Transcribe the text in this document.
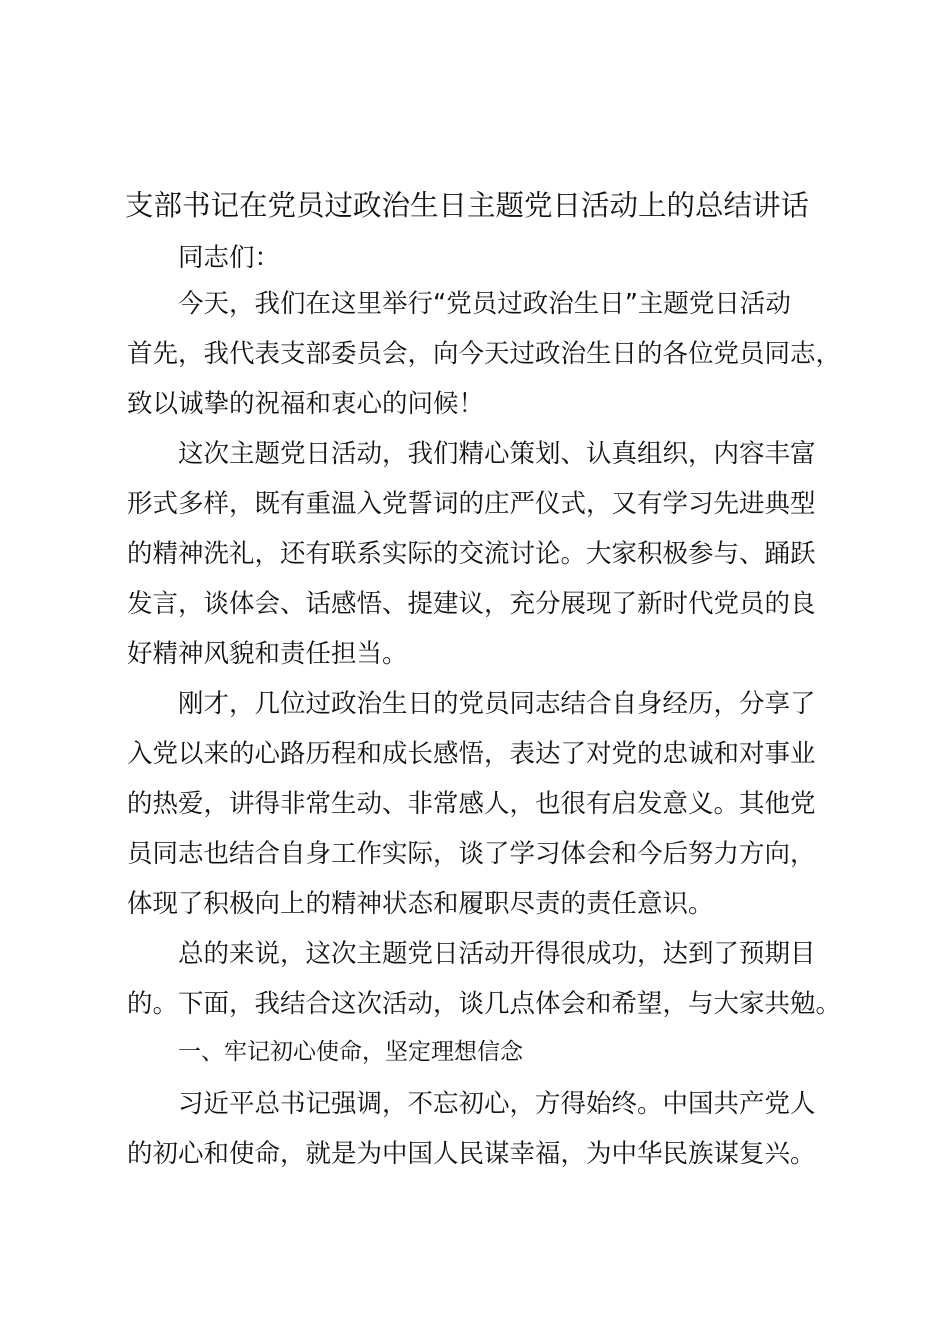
支部书记在党员过政治生日主题党日活动上的总结讲话

同志们：

今天，我们在这里举行“党员过政治生日”主题党日活动
首先，我代表支部委员会，向今天过政治生日的各位党员同志，
致以诚挚的祝福和衷心的问候！

这次主题党日活动，我们精心策划、认真组织，内容丰富
形式多样，既有重温入党誓词的庄严仪式，又有学习先进典型
的精神洗礼，还有联系实际的交流讨论。大家积极参与、踊跃
发言，谈体会、话感悟、提建议，充分展现了新时代党员的良
好精神风貌和责任担当。

刚才，几位过政治生日的党员同志结合自身经历，分享了
入党以来的心路历程和成长感悟，表达了对党的忠诚和对事业
的热爱，讲得非常生动、非常感人，也很有启发意义。其他党
员同志也结合自身工作实际，谈了学习体会和今后努力方向，
体现了积极向上的精神状态和履职尽责的责任意识。

总的来说，这次主题党日活动开得很成功，达到了预期目
的。下面，我结合这次活动，谈几点体会和希望，与大家共勉。

一、牢记初心使命，坚定理想信念

习近平总书记强调，不忘初心，方得始终。中国共产党人
的初心和使命，就是为中国人民谋幸福，为中华民族谋复兴。
